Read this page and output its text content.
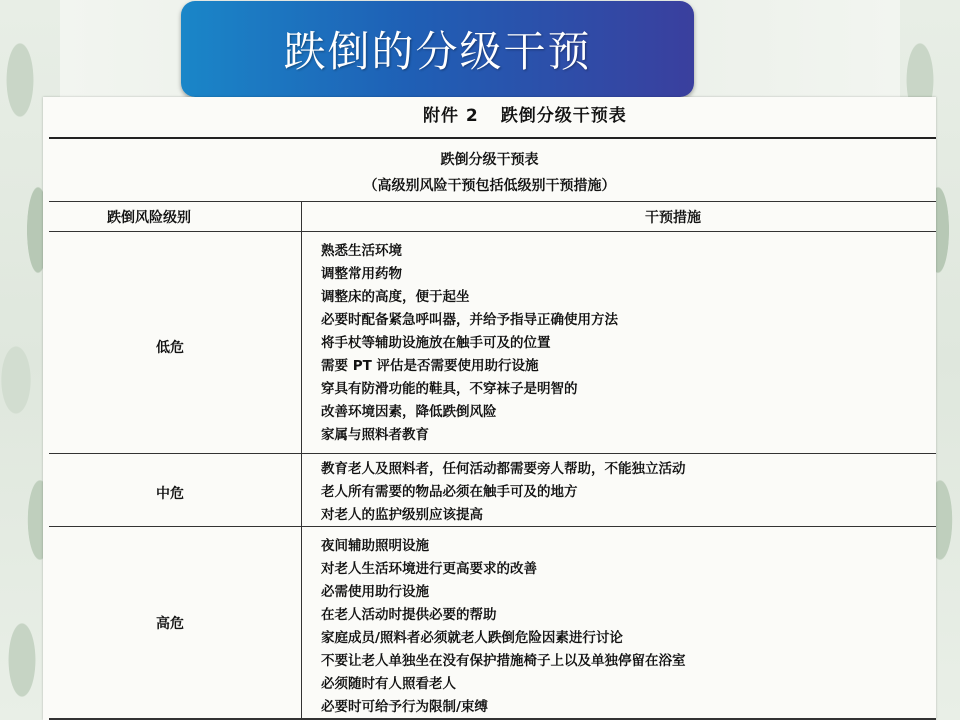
跌倒的分级干预
附件 2 跌倒分级干预表
跌倒分级干预表
（高级别风险干预包括低级别干预措施）
跌倒风险级别	干预措施
低危
熟悉生活环境
调整常用药物
调整床的高度，便于起坐
必要时配备紧急呼叫器，并给予指导正确使用方法
将手杖等辅助设施放在触手可及的位置
需要 PT 评估是否需要使用助行设施
穿具有防滑功能的鞋具，不穿袜子是明智的
改善环境因素，降低跌倒风险
家属与照料者教育
中危
教育老人及照料者，任何活动都需要旁人帮助，不能独立活动
老人所有需要的物品必须在触手可及的地方
对老人的监护级别应该提高
高危
夜间辅助照明设施
对老人生活环境进行更高要求的改善
必需使用助行设施
在老人活动时提供必要的帮助
家庭成员/照料者必须就老人跌倒危险因素进行讨论
不要让老人单独坐在没有保护措施椅子上以及单独停留在浴室
必须随时有人照看老人
必要时可给予行为限制/束缚
